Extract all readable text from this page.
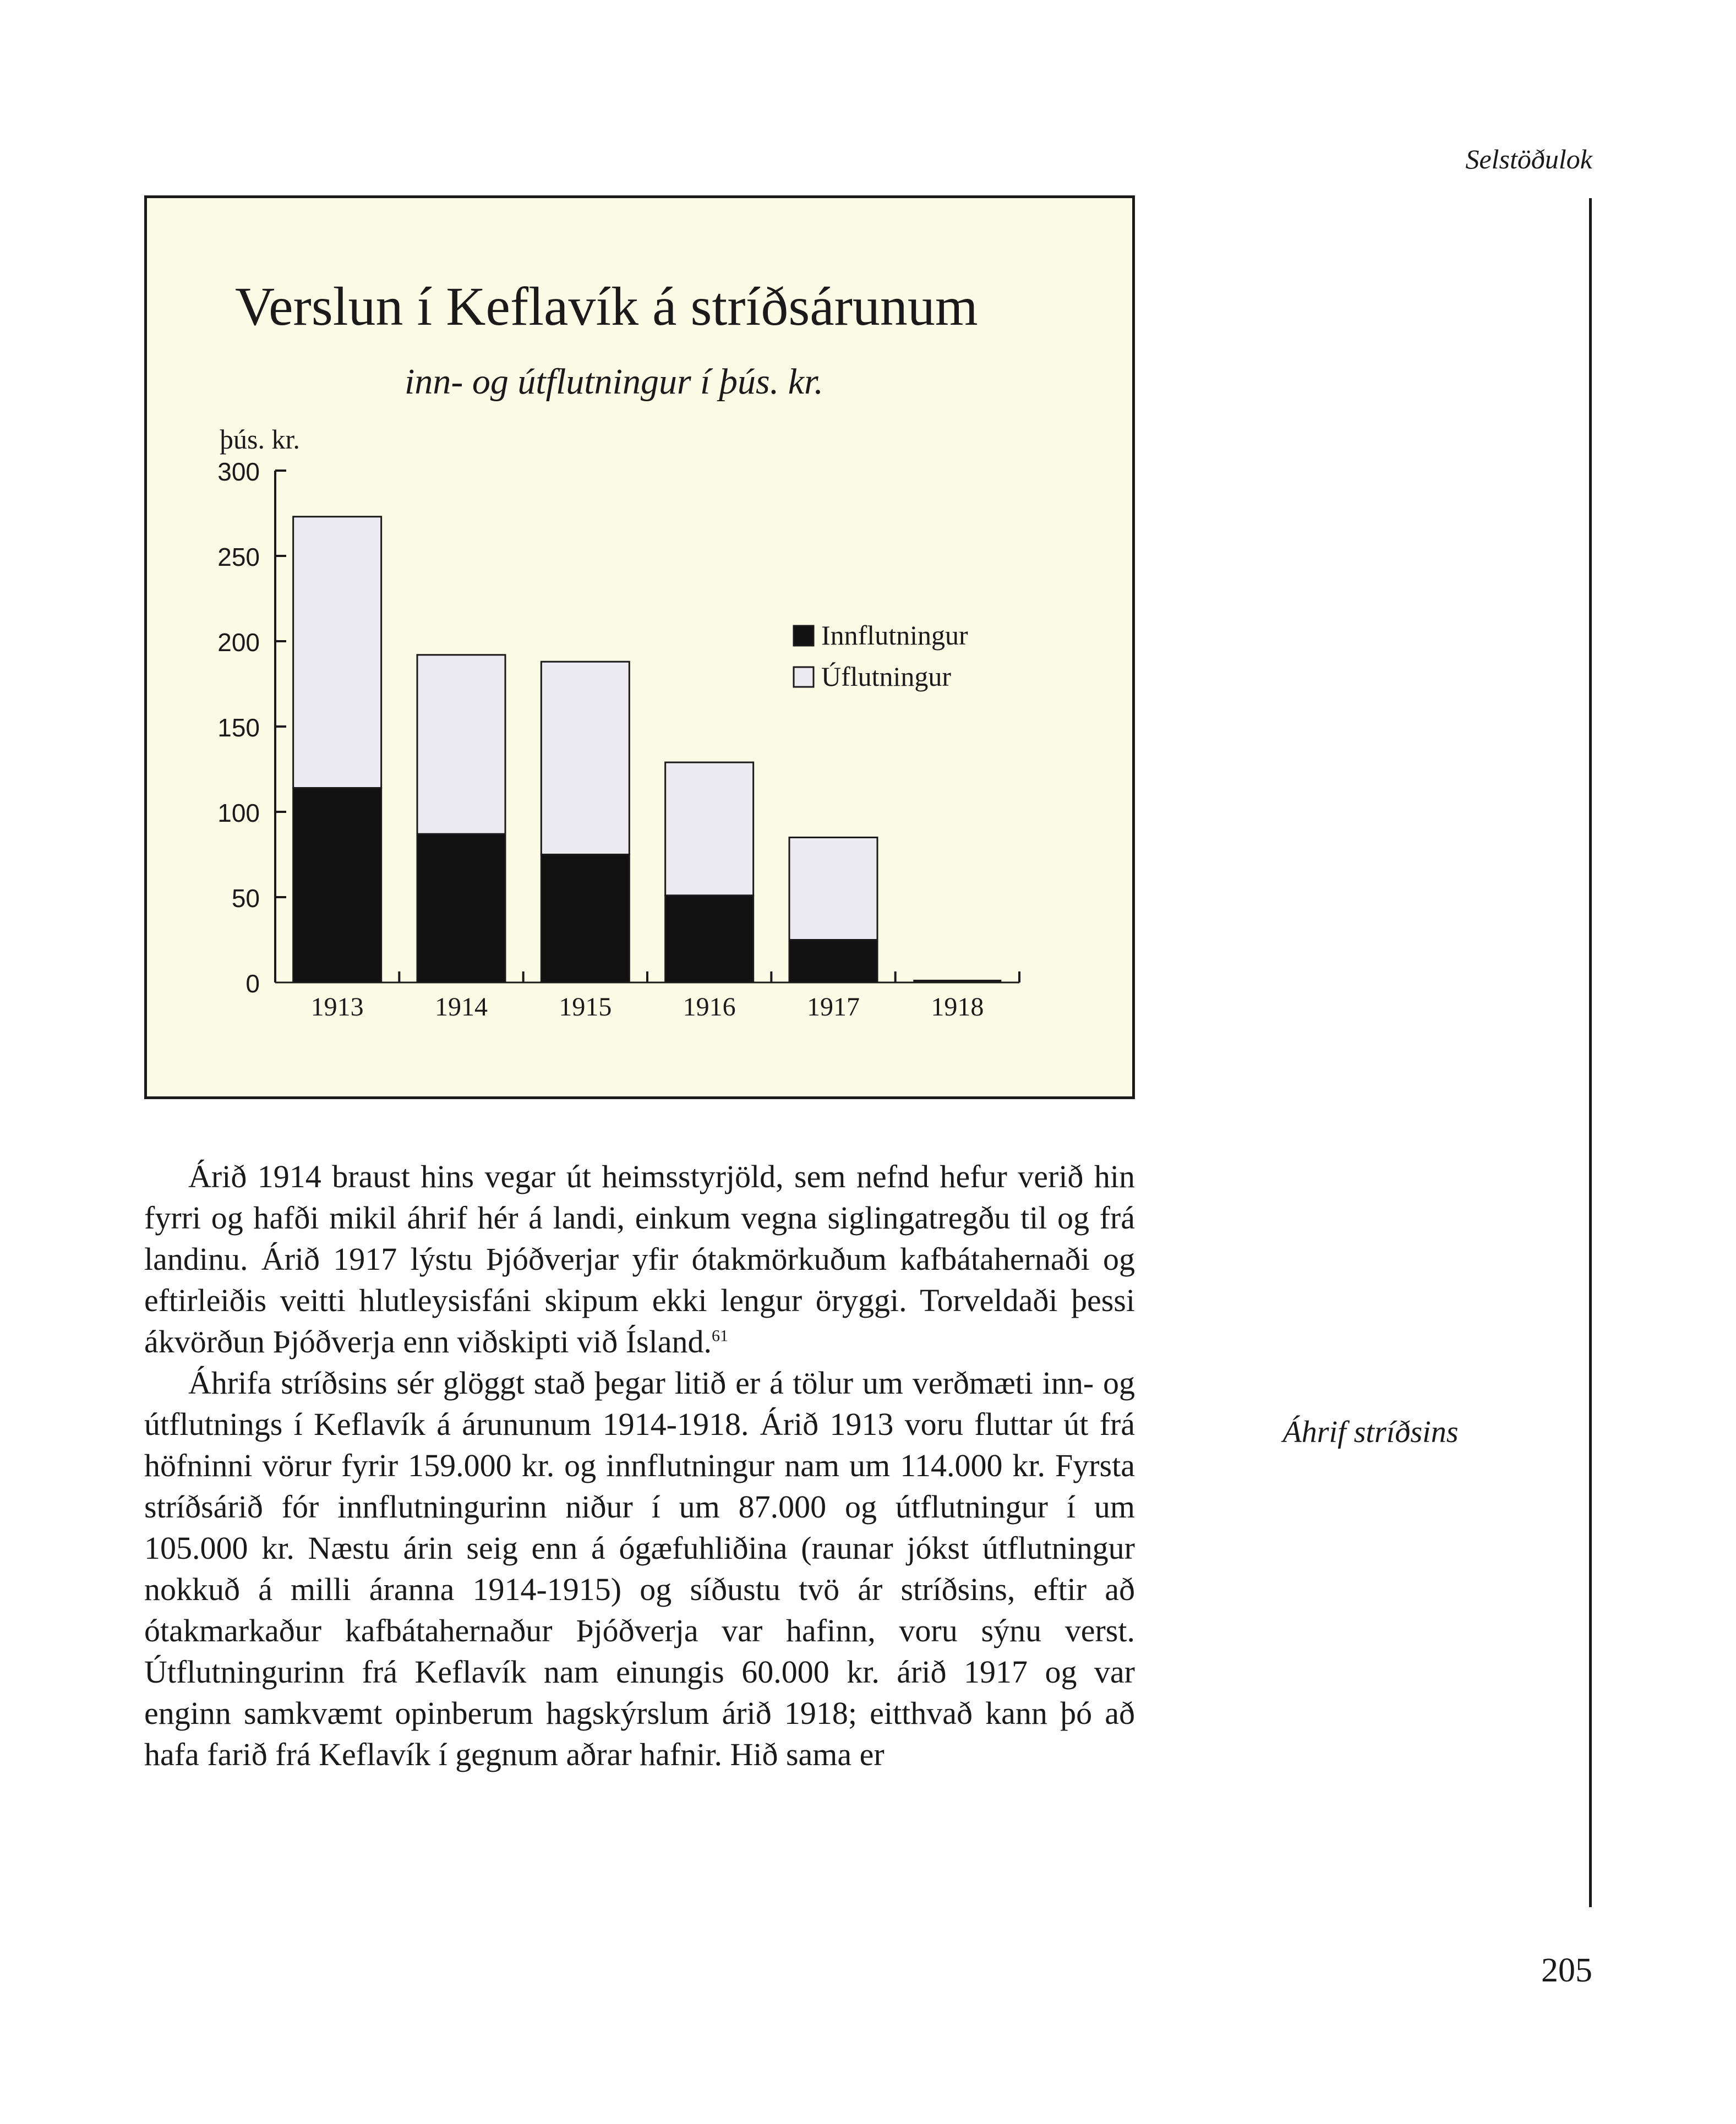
Selstöðulok
Verslun í Keflavík á stríðsárunum
inn- og útflutningur í þús. kr.
þús. kr.
0
50
100
150
200
250
300
1913	1914	1915	1916	1917	1918
Innflutningur
Úflutningur

Árið 1914 braust hins vegar út heimsstyrjöld, sem nefnd hefur verið hin fyrri og hafði mikil áhrif hér á landi, einkum vegna siglingatregðu til og frá landinu. Árið 1917 lýstu Þjóðverjar yfir ótakmörkuðum kafbátahernaði og eftirleiðis veitti hlutleysisfáni skipum ekki lengur öryggi. Torveldaði þessi ákvörðun Þjóðverja enn viðskipti við Ísland.$^{61}$

Áhrifa stríðsins sér glöggt stað þegar litið er á tölur um verðmæti inn- og útflutnings í Keflavík á árununum 1914-1918. Árið 1913 voru fluttar út frá höfninni vörur fyrir 159.000 kr. og innflutningur nam um 114.000 kr. Fyrsta stríðsárið fór innflutningurinn niður í um 87.000 og útflutningur í um 105.000 kr. Næstu árin seig enn á ógæfuhliðina (raunar jókst útflutningur nokkuð á milli áranna 1914-1915) og síðustu tvö ár stríðsins, eftir að ótakmarkaður kafbátahernaður Þjóðverja var hafinn, voru sýnu verst. Útflutningurinn frá Keflavík nam einungis 60.000 kr. árið 1917 og var enginn samkvæmt opinberum hagskýrslum árið 1918; eitthvað kann þó að hafa farið frá Keflavík í gegnum aðrar hafnir. Hið sama er

Áhrif stríðsins
205
